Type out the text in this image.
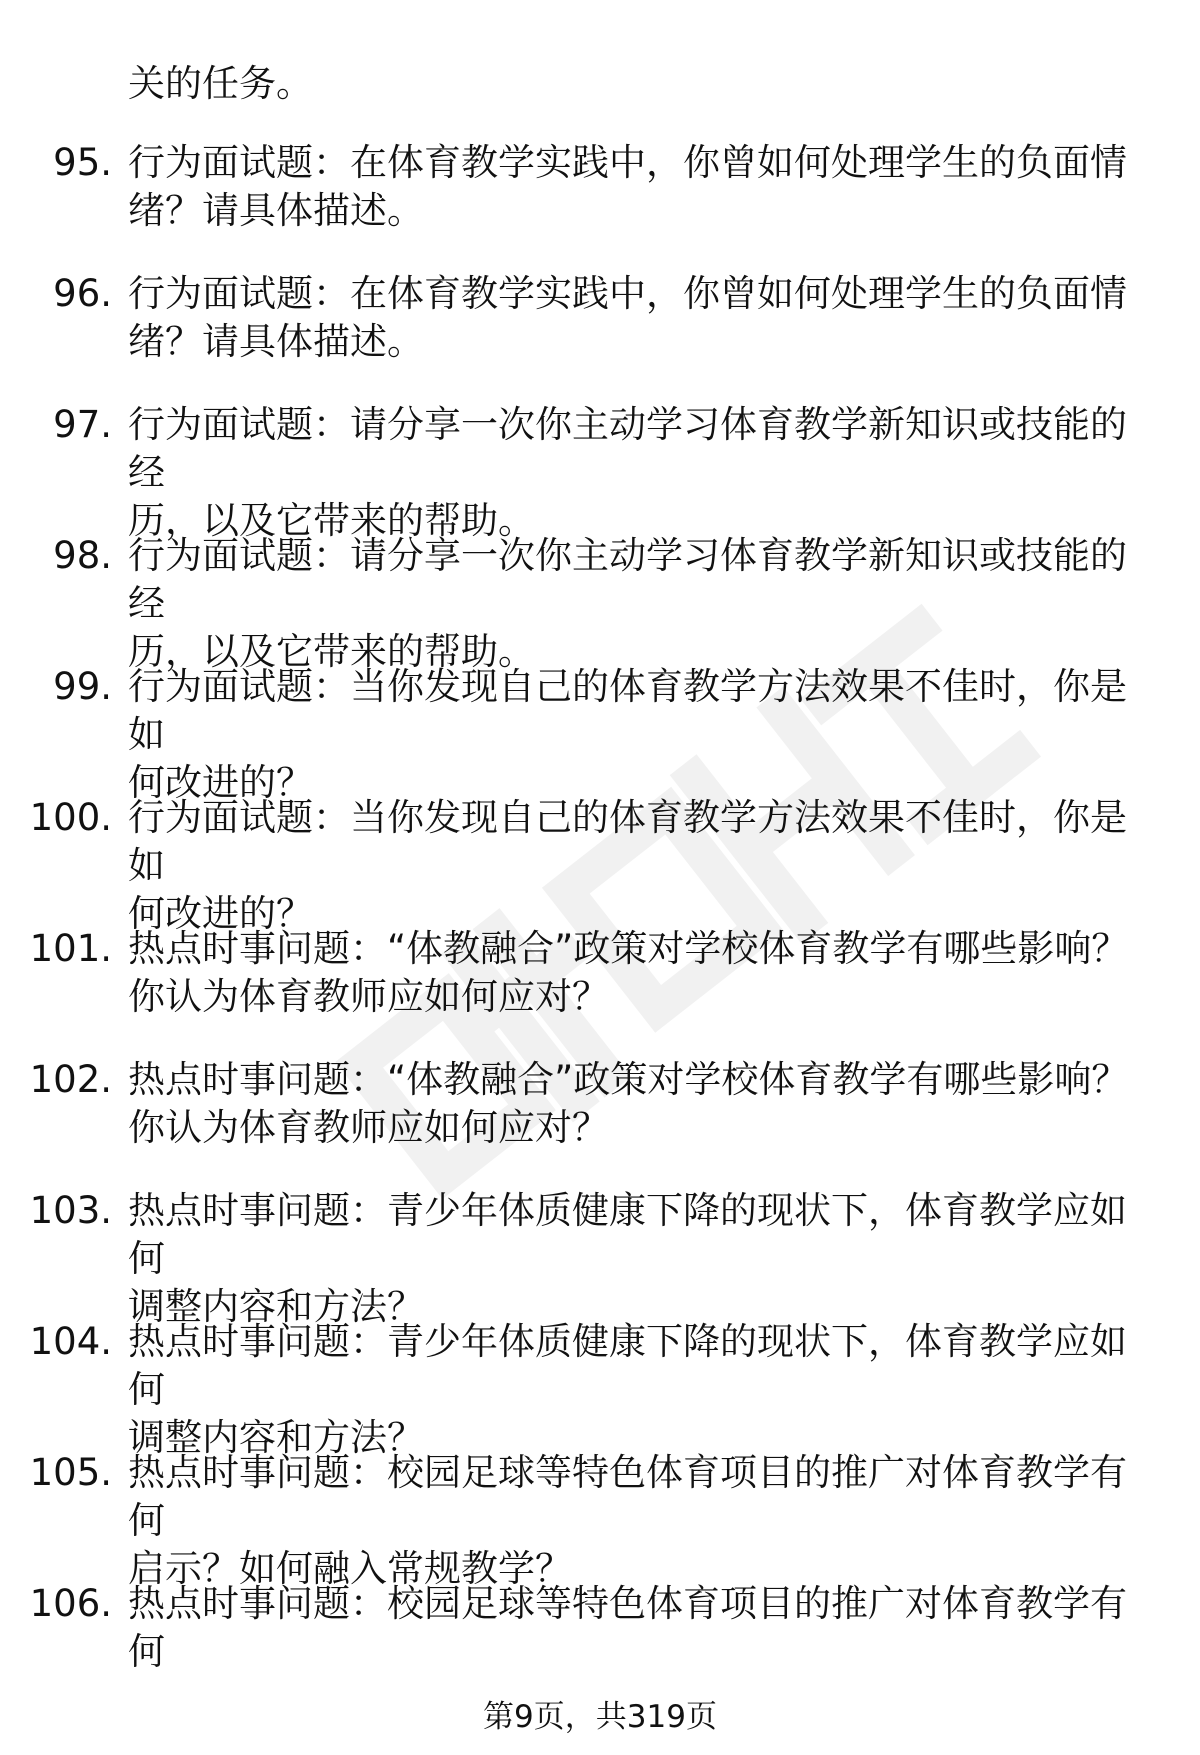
关的任务。
95. 行为面试题：在体育教学实践中，你曾如何处理学生的负面情
绪？请具体描述。
96. 行为面试题：在体育教学实践中，你曾如何处理学生的负面情
绪？请具体描述。
97. 行为面试题：请分享一次你主动学习体育教学新知识或技能的经
历，以及它带来的帮助。
98. 行为面试题：请分享一次你主动学习体育教学新知识或技能的经
历，以及它带来的帮助。
99. 行为面试题：当你发现自己的体育教学方法效果不佳时，你是如
何改进的？
100. 行为面试题：当你发现自己的体育教学方法效果不佳时，你是如
何改进的？
101. 热点时事问题：“体教融合”政策对学校体育教学有哪些影响？
你认为体育教师应如何应对？
102. 热点时事问题：“体教融合”政策对学校体育教学有哪些影响？
你认为体育教师应如何应对？
103. 热点时事问题：青少年体质健康下降的现状下，体育教学应如何
调整内容和方法？
104. 热点时事问题：青少年体质健康下降的现状下，体育教学应如何
调整内容和方法？
105. 热点时事问题：校园足球等特色体育项目的推广对体育教学有何
启示？如何融入常规教学？
106. 热点时事问题：校园足球等特色体育项目的推广对体育教学有何
第9页，共319页
